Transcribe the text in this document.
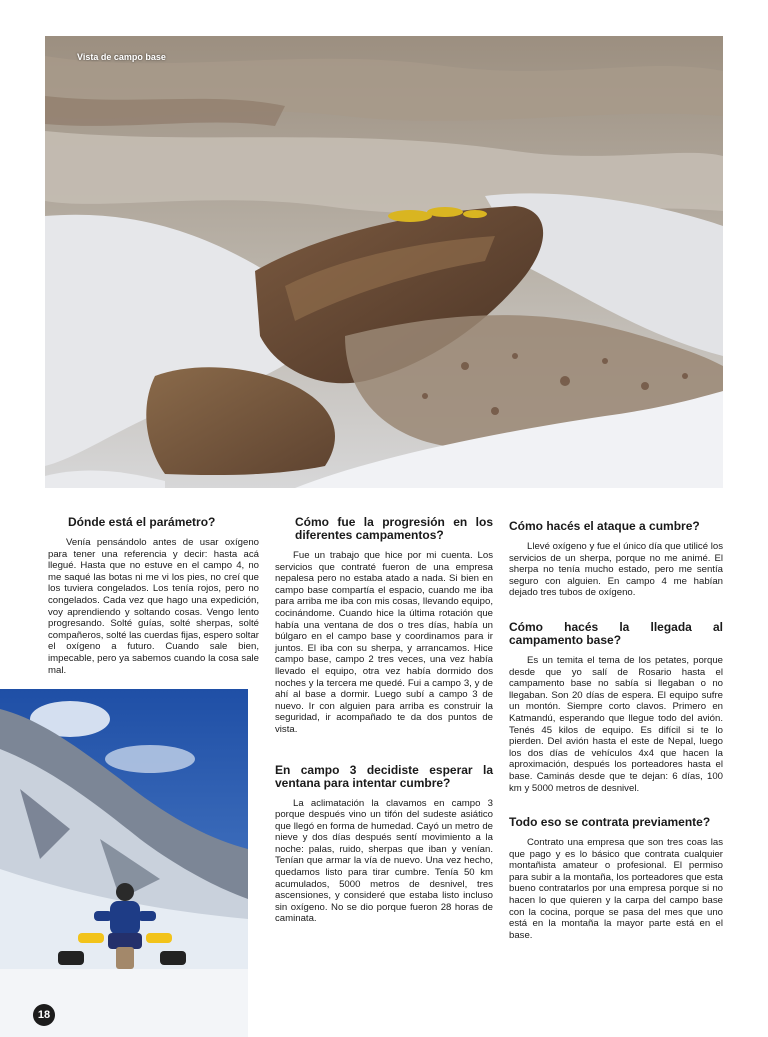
Vista de campo base
Dónde está el parámetro?

Venía pensándolo antes de usar oxígeno para tener una referencia y decir: hasta acá llegué. Hasta que no estuve en el campo 4, no me saqué las botas ni me vi los pies, no creí que los tuviera congelados. Los tenía rojos, pero no congelados. Cada vez que hago una expedición, voy aprendiendo y soltando cosas. Vengo lento progresando. Solté guías, solté sherpas, solté compañeros, solté las cuerdas fijas, espero soltar el oxígeno a futuro. Cuando sale bien, impecable, pero ya sabemos cuando la cosa sale mal.

Cómo fue la progresión en los diferentes campamentos?

Fue un trabajo que hice por mi cuenta. Los servicios que contraté fueron de una empresa nepalesa pero no estaba atado a nada. Si bien en campo base compartía el espacio, cuando me iba para arriba me iba con mis cosas, llevando equipo, cocinándome. Cuando hice la última rotación que había una ventana de dos o tres días, había un búlgaro en el campo base y coordinamos para ir juntos. El iba con su sherpa, y arrancamos. Hice campo base, campo 2 tres veces, una vez había llevado el equipo, otra vez había dormido dos noches y la tercera me quedé. Fui a campo 3, y de ahí al base a dormir. Luego subí a campo 3 de nuevo. Ir con alguien para arriba es construir la seguridad, ir acompañado te da dos puntos de vista.

En campo 3 decidiste esperar la ventana para intentar cumbre?

La aclimatación la clavamos en campo 3 porque después vino un tifón del sudeste asiático que llegó en forma de humedad. Cayó un metro de nieve y dos días después sentí movimiento a la noche: palas, ruido, sherpas que iban y venían. Tenían que armar la vía de nuevo. Una vez hecho, quedamos listo para tirar cumbre. Tenía 50 km acumulados, 5000 metros de desnivel, tres ascensiones, y consideré que estaba listo incluso sin oxígeno. No se dio porque fueron 28 horas de caminata.

Cómo hacés el ataque a cumbre?

Llevé oxígeno y fue el único día que utilicé los servicios de un sherpa, porque no me animé. El sherpa no tenía mucho estado, pero me sentía seguro con alguien. En campo 4 me habían dejado tres tubos de oxígeno.

Cómo hacés la llegada al campamento base?

Es un temita el tema de los petates, porque desde que yo salí de Rosario hasta el campamento base no sabía si llegaban o no llegaban. Son 20 días de espera. El equipo sufre un montón. Siempre corto clavos. Primero en Katmandú, esperando que llegue todo del avión. Tenés 45 kilos de equipo. Es difícil si te lo pierden. Del avión hasta el este de Nepal, luego los dos días de vehículos 4x4 que hacen la aproximación, después los porteadores hasta el base. Caminás desde que te dejan: 6 días, 100 km y 5000 metros de desnivel.

Todo eso se contrata previamente?

Contrato una empresa que son tres coas las que pago y es lo básico que contrata cualquier montañista amateur o profesional. El permiso para subir a la montaña, los porteadores que esta bueno contratarlos por una empresa porque si no hacen lo que quieren y la carpa del campo base con la cocina, porque se pasa del mes que uno está en la montaña la mayor parte está en el base.

18
